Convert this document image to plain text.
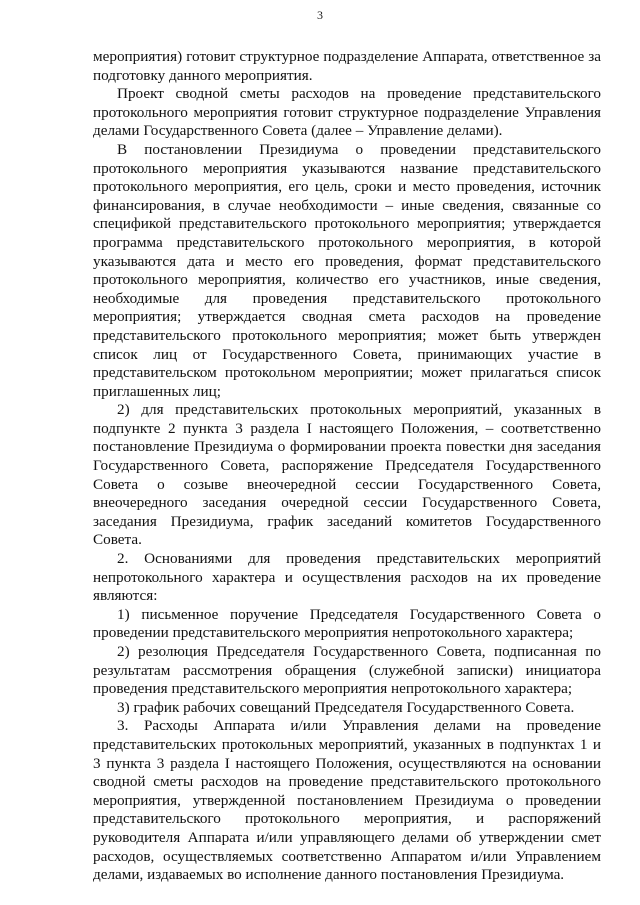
3

мероприятия) готовит структурное подразделение Аппарата, ответственное за подготовку данного мероприятия.

Проект сводной сметы расходов на проведение представительского протокольного мероприятия готовит структурное подразделение Управления делами Государственного Совета (далее – Управление делами).

В постановлении Президиума о проведении представительского протокольного мероприятия указываются название представительского протокольного мероприятия, его цель, сроки и место проведения, источник финансирования, в случае необходимости – иные сведения, связанные со спецификой представительского протокольного мероприятия; утверждается программа представительского протокольного мероприятия, в которой указываются дата и место его проведения, формат представительского протокольного мероприятия, количество его участников, иные сведения, необходимые для проведения представительского протокольного мероприятия; утверждается сводная смета расходов на проведение представительского протокольного мероприятия; может быть утвержден список лиц от Государственного Совета, принимающих участие в представительском протокольном мероприятии; может прилагаться список приглашенных лиц;

2) для представительских протокольных мероприятий, указанных в подпункте 2 пункта 3 раздела I настоящего Положения, – соответственно постановление Президиума о формировании проекта повестки дня заседания Государственного Совета, распоряжение Председателя Государственного Совета о созыве внеочередной сессии Государственного Совета, внеочередного заседания очередной сессии Государственного Совета, заседания Президиума, график заседаний комитетов Государственного Совета.

2. Основаниями для проведения представительских мероприятий непротокольного характера и осуществления расходов на их проведение являются:

1) письменное поручение Председателя Государственного Совета о проведении представительского мероприятия непротокольного характера;

2) резолюция Председателя Государственного Совета, подписанная по результатам рассмотрения обращения (служебной записки) инициатора проведения представительского мероприятия непротокольного характера;

3) график рабочих совещаний Председателя Государственного Совета.

3. Расходы Аппарата и/или Управления делами на проведение представительских протокольных мероприятий, указанных в подпунктах 1 и 3 пункта 3 раздела I настоящего Положения, осуществляются на основании сводной сметы расходов на проведение представительского протокольного мероприятия, утвержденной постановлением Президиума о проведении представительского протокольного мероприятия, и распоряжений руководителя Аппарата и/или управляющего делами об утверждении смет расходов, осуществляемых соответственно Аппаратом и/или Управлением делами, издаваемых во исполнение данного постановления Президиума.
